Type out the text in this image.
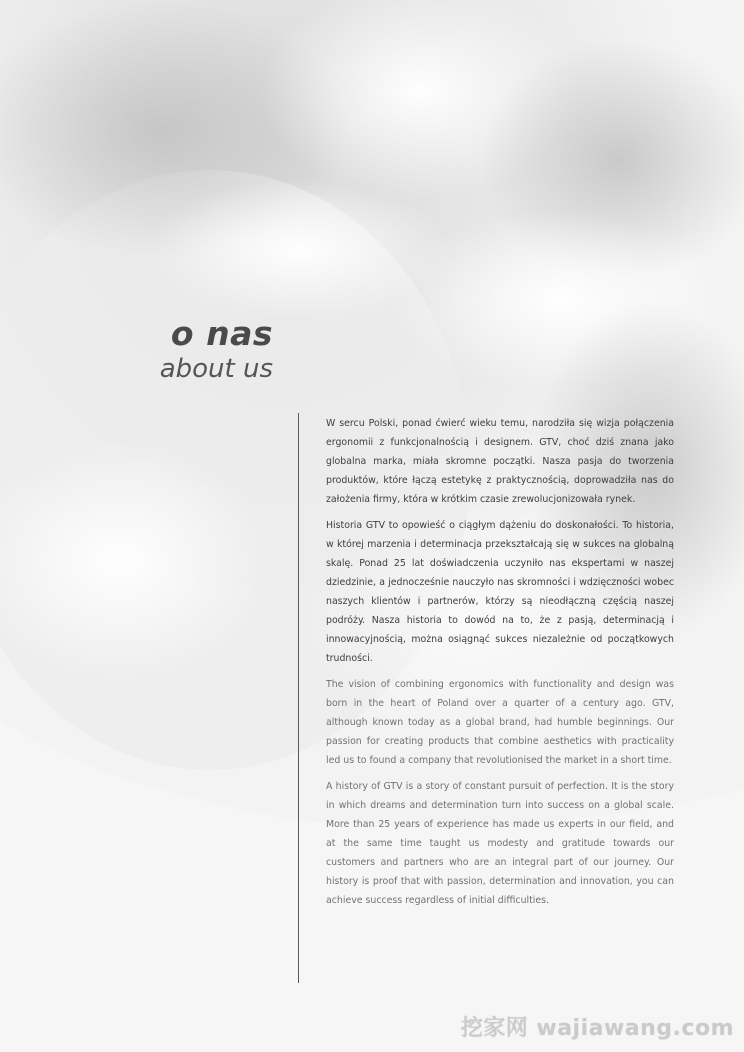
o nas
about us

W sercu Polski, ponad ćwierć wieku temu, narodziła się wizja połączenia ergonomii z funkcjonalnością i designem. GTV, choć dziś znana jako globalna marka, miała skromne początki. Nasza pasja do tworzenia produktów, które łączą estetykę z praktycznością, doprowadziła nas do założenia firmy, która w krótkim czasie zrewolucjonizowała rynek.

Historia GTV to opowieść o ciągłym dążeniu do doskonałości. To historia, w której marzenia i determinacja przekształcają się w sukces na globalną skalę. Ponad 25 lat doświadczenia uczyniło nas ekspertami w naszej dziedzinie, a jednocześnie nauczyło nas skromności i wdzięczności wobec naszych klientów i partnerów, którzy są nieodłączną częścią naszej podróży. Nasza historia to dowód na to, że z pasją, determinacją i innowacyjnością, można osiągnąć sukces niezależnie od początkowych trudności.

The vision of combining ergonomics with functionality and design was born in the heart of Poland over a quarter of a century ago. GTV, although known today as a global brand, had humble beginnings. Our passion for creating products that combine aesthetics with practicality led us to found a company that revolutionised the market in a short time.

A history of GTV is a story of constant pursuit of perfection. It is the story in which dreams and determination turn into success on a global scale. More than 25 years of experience has made us experts in our field, and at the same time taught us modesty and gratitude towards our customers and partners who are an integral part of our journey. Our history is proof that with passion, determination and innovation, you can achieve success regardless of initial difficulties.

挖家网 wajiawang.com
